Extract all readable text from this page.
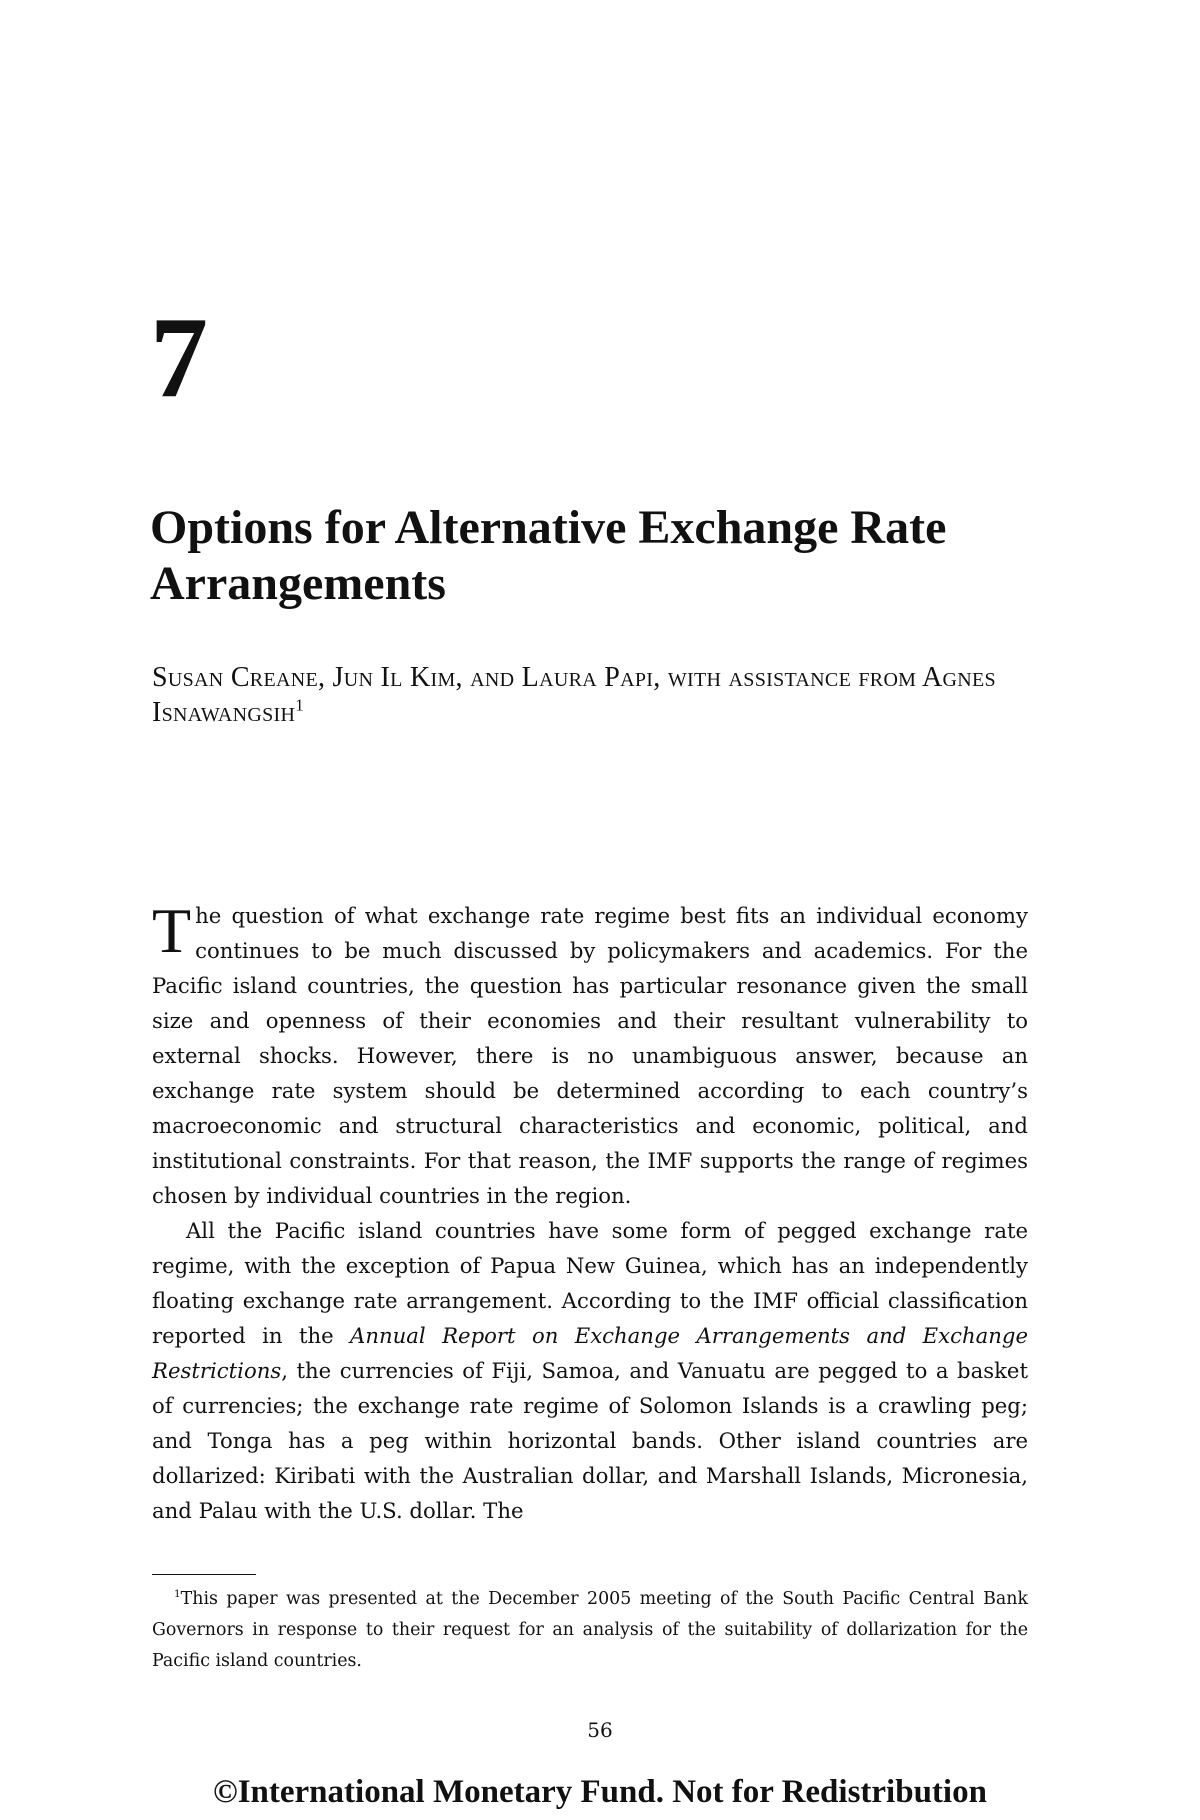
7
Options for Alternative Exchange Rate Arrangements

Susan Creane, Jun Il Kim, and Laura Papi, with assistance from Agnes Isnawangsih$^1$

The question of what exchange rate regime best fits an individual economy continues to be much discussed by policymakers and academics. For the Pacific island countries, the question has particular resonance given the small size and openness of their economies and their resultant vulnerability to external shocks. However, there is no unambiguous answer, because an exchange rate system should be determined according to each country’s macroeconomic and structural characteristics and economic, political, and institutional constraints. For that reason, the IMF supports the range of regimes chosen by individual countries in the region.

All the Pacific island countries have some form of pegged exchange rate regime, with the exception of Papua New Guinea, which has an independently floating exchange rate arrangement. According to the IMF official classification reported in the Annual Report on Exchange Arrangements and Exchange Restrictions, the currencies of Fiji, Samoa, and Vanuatu are pegged to a basket of currencies; the exchange rate regime of Solomon Islands is a crawling peg; and Tonga has a peg within horizontal bands. Other island countries are dollarized: Kiribati with the Australian dollar, and Marshall Islands, Micronesia, and Palau with the U.S. dollar. The

$^1$This paper was presented at the December 2005 meeting of the South Pacific Central Bank Governors in response to their request for an analysis of the suitability of dollarization for the Pacific island countries.

56

©International Monetary Fund. Not for Redistribution
